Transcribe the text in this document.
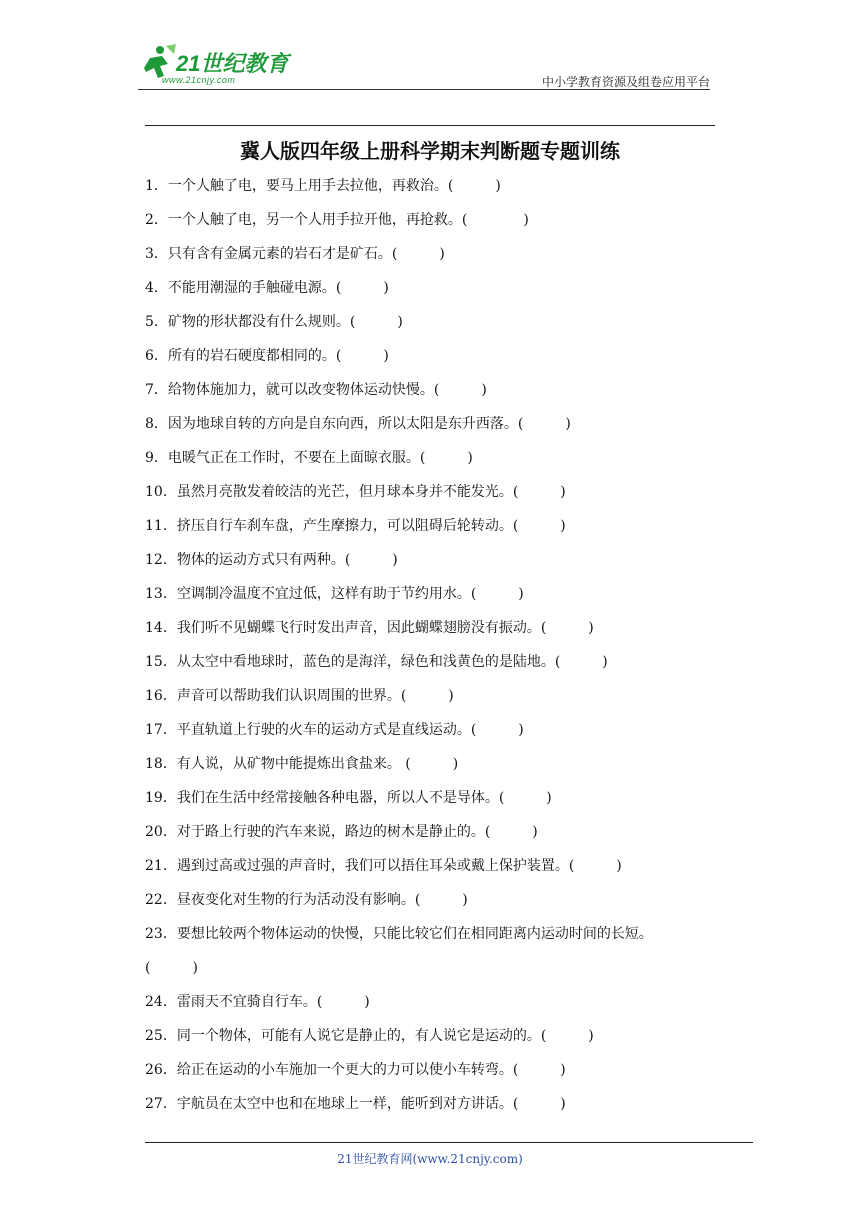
21世纪教育
www.21cnjy.com	中小学教育资源及组卷应用平台
冀人版四年级上册科学期末判断题专题训练
1．一个人触了电，要马上用手去拉他，再救治。(　　　)
2．一个人触了电，另一个人用手拉开他，再抢救。(　　　　)
3．只有含有金属元素的岩石才是矿石。(　　　)
4．不能用潮湿的手触碰电源。(　　　)
5．矿物的形状都没有什么规则。(　　　)
6．所有的岩石硬度都相同的。(　　　)
7．给物体施加力，就可以改变物体运动快慢。(　　　)
8．因为地球自转的方向是自东向西，所以太阳是东升西落。(　　　)
9．电暖气正在工作时，不要在上面晾衣服。(　　　)
10．虽然月亮散发着皎洁的光芒，但月球本身并不能发光。(　　　)
11．挤压自行车刹车盘，产生摩擦力，可以阻碍后轮转动。(　　　)
12．物体的运动方式只有两种。(　　　)
13．空调制冷温度不宜过低，这样有助于节约用水。(　　　)
14．我们听不见蝴蝶飞行时发出声音，因此蝴蝶翅膀没有振动。(　　　)
15．从太空中看地球时，蓝色的是海洋，绿色和浅黄色的是陆地。(　　　)
16．声音可以帮助我们认识周围的世界。(　　　)
17．平直轨道上行驶的火车的运动方式是直线运动。(　　　)
18．有人说，从矿物中能提炼出食盐来。 (　　　)
19．我们在生活中经常接触各种电器，所以人不是导体。(　　　)
20．对于路上行驶的汽车来说，路边的树木是静止的。(　　　)
21．遇到过高或过强的声音时，我们可以捂住耳朵或戴上保护装置。(　　　)
22．昼夜变化对生物的行为活动没有影响。(　　　)
23．要想比较两个物体运动的快慢，只能比较它们在相同距离内运动时间的长短。
(　　　)
24．雷雨天不宜骑自行车。(　　　)
25．同一个物体，可能有人说它是静止的，有人说它是运动的。(　　　)
26．给正在运动的小车施加一个更大的力可以使小车转弯。(　　　)
27．宇航员在太空中也和在地球上一样，能听到对方讲话。(　　　)
21世纪教育网(www.21cnjy.com)
